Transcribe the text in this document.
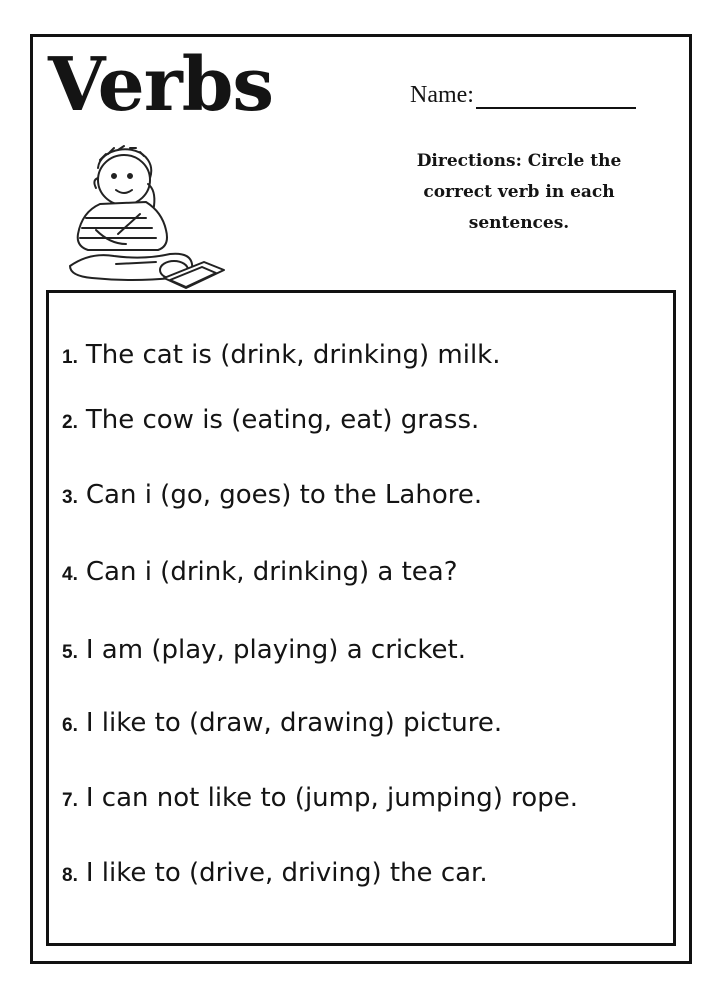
Verbs	Name:
Directions: Circle the correct verb in each sentences.
1. The cat is (drink, drinking) milk.
2. The cow is (eating, eat) grass.
3. Can i (go, goes) to the Lahore.
4. Can i (drink, drinking) a tea?
5. I am (play, playing) a cricket.
6. I like to (draw, drawing) picture.
7. I can not like to (jump, jumping) rope.
8. I like to (drive, driving) the car.
